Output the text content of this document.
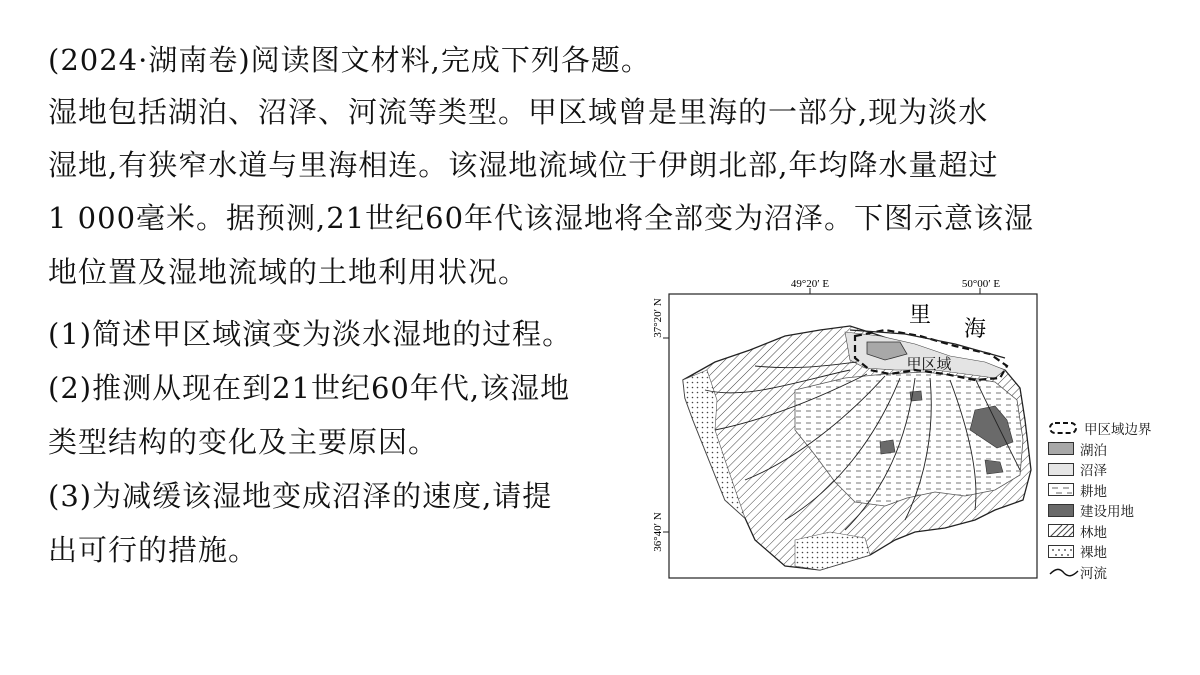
(2024·湖南卷)阅读图文材料,完成下列各题。
湿地包括湖泊、沼泽、河流等类型。甲区域曾是里海的一部分,现为淡水
湿地,有狭窄水道与里海相连。该湿地流域位于伊朗北部,年均降水量超过
1 000毫米。据预测,21世纪60年代该湿地将全部变为沼泽。下图示意该湿
地位置及湿地流域的土地利用状况。
(1)简述甲区域演变为淡水湿地的过程。
(2)推测从现在到21世纪60年代,该湿地
类型结构的变化及主要原因。
(3)为减缓该湿地变成沼泽的速度,请提
出可行的措施。
49°20′ E	50°00′ E
37°20′ N
36°40′ N
里
海
甲区域
甲区域边界
湖泊
沼泽
耕地
建设用地
林地
裸地
河流
